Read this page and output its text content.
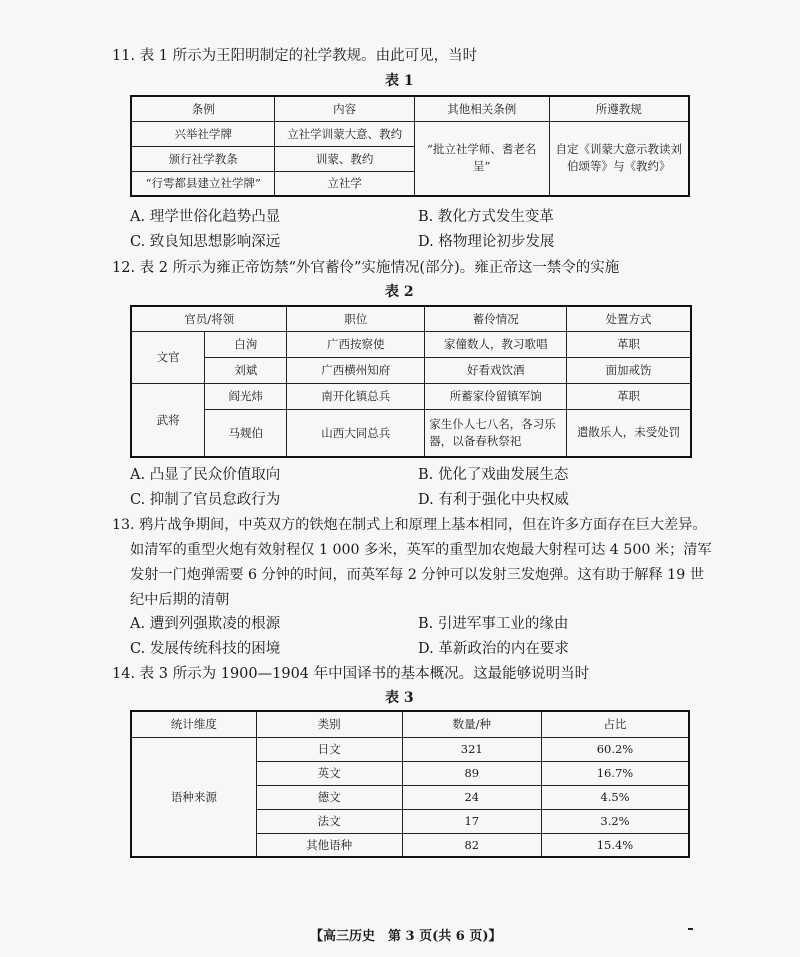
11. 表 1 所示为王阳明制定的社学教规。由此可见，当时
表 1
条例	内容	其他相关条例	所遵教规
兴举社学牌	立社学训蒙大意、教约	“批立社学师、耆老名呈”	自定《训蒙大意示教读刘伯颂等》与《教约》
颁行社学教条	训蒙、教约		
“行雩都县建立社学牌”	立社学		
A. 理学世俗化趋势凸显	B. 教化方式发生变革
C. 致良知思想影响深远	D. 格物理论初步发展
12. 表 2 所示为雍正帝饬禁“外官蓄伶”实施情况(部分)。雍正帝这一禁令的实施
表 2
官员/将领		职位	蓄伶情况	处置方式
文官	白洵	广西按察使	家僮数人，教习歌唱	革职
	刘斌	广西横州知府	好看戏饮酒	面加戒饬
武将	阎光炜	南开化镇总兵	所蓄家伶留镇军饷	革职
	马觌伯	山西大同总兵	家生仆人七八名，各习乐器，以备春秋祭祀	遣散乐人，未受处罚
A. 凸显了民众价值取向	B. 优化了戏曲发展生态
C. 抑制了官员怠政行为	D. 有利于强化中央权威
13. 鸦片战争期间，中英双方的铁炮在制式上和原理上基本相同，但在许多方面存在巨大差异。
如清军的重型火炮有效射程仅 1 000 多米，英军的重型加农炮最大射程可达 4 500 米；清军
发射一门炮弹需要 6 分钟的时间，而英军每 2 分钟可以发射三发炮弹。这有助于解释 19 世
纪中后期的清朝
A. 遭到列强欺凌的根源	B. 引进军事工业的缘由
C. 发展传统科技的困境	D. 革新政治的内在要求
14. 表 3 所示为 1900—1904 年中国译书的基本概况。这最能够说明当时
表 3
统计维度	类别	数量/种	占比
语种来源	日文	321	60.2%
	英文	89	16.7%
	德文	24	4.5%
	法文	17	3.2%
	其他语种	82	15.4%
【高三历史　第 3 页(共 6 页)】
